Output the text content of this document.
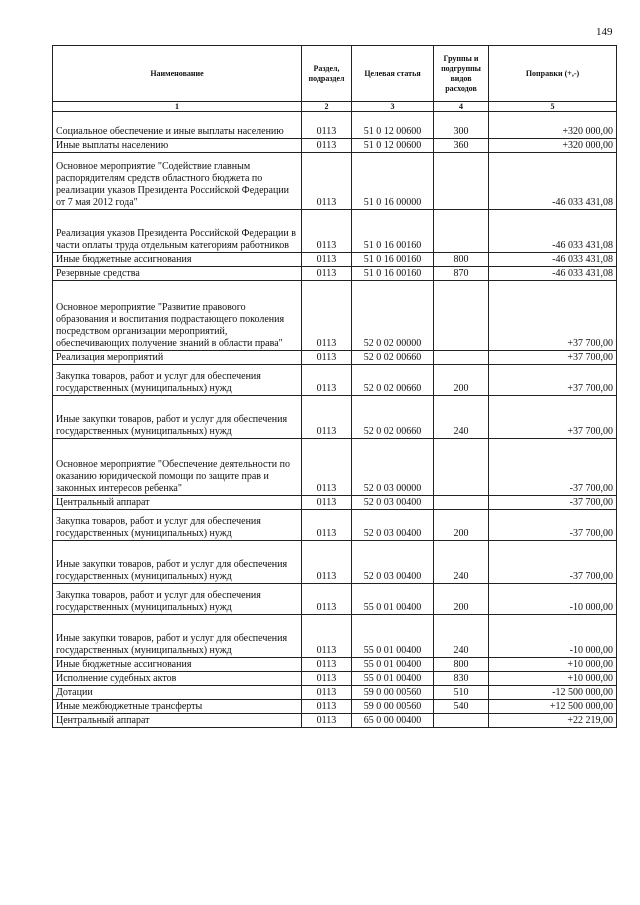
149
Наименование	Раздел, подраздел	Целевая статья	Группы и подгруппы видов расходов	Поправки (+,-)
1	2	3	4	5
Социальное обеспечение и иные выплаты населению	0113	51 0 12 00600	300	+320 000,00
Иные выплаты населению	0113	51 0 12 00600	360	+320 000,00
Основное мероприятие "Содействие главным распорядителям средств областного бюджета по реализации указов Президента Российской Федерации от 7 мая 2012 года"	0113	51 0 16 00000		-46 033 431,08
Реализация указов Президента Российской Федерации в части оплаты труда отдельным категориям работников	0113	51 0 16 00160		-46 033 431,08
Иные бюджетные ассигнования	0113	51 0 16 00160	800	-46 033 431,08
Резервные средства	0113	51 0 16 00160	870	-46 033 431,08
Основное мероприятие "Развитие правового образования и воспитания подрастающего поколения посредством организации мероприятий, обеспечивающих получение знаний в области права"	0113	52 0 02 00000		+37 700,00
Реализация мероприятий	0113	52 0 02 00660		+37 700,00
Закупка товаров, работ и услуг для обеспечения государственных (муниципальных) нужд	0113	52 0 02 00660	200	+37 700,00
Иные закупки товаров, работ и услуг для обеспечения государственных (муниципальных) нужд	0113	52 0 02 00660	240	+37 700,00
Основное мероприятие "Обеспечение деятельности по оказанию юридической помощи по защите прав и законных интересов ребенка"	0113	52 0 03 00000		-37 700,00
Центральный аппарат	0113	52 0 03 00400		-37 700,00
Закупка товаров, работ и услуг для обеспечения государственных (муниципальных) нужд	0113	52 0 03 00400	200	-37 700,00
Иные закупки товаров, работ и услуг для обеспечения государственных (муниципальных) нужд	0113	52 0 03 00400	240	-37 700,00
Закупка товаров, работ и услуг для обеспечения государственных (муниципальных) нужд	0113	55 0 01 00400	200	-10 000,00
Иные закупки товаров, работ и услуг для обеспечения государственных (муниципальных) нужд	0113	55 0 01 00400	240	-10 000,00
Иные бюджетные ассигнования	0113	55 0 01 00400	800	+10 000,00
Исполнение судебных актов	0113	55 0 01 00400	830	+10 000,00
Дотации	0113	59 0 00 00560	510	-12 500 000,00
Иные межбюджетные трансферты	0113	59 0 00 00560	540	+12 500 000,00
Центральный аппарат	0113	65 0 00 00400		+22 219,00
